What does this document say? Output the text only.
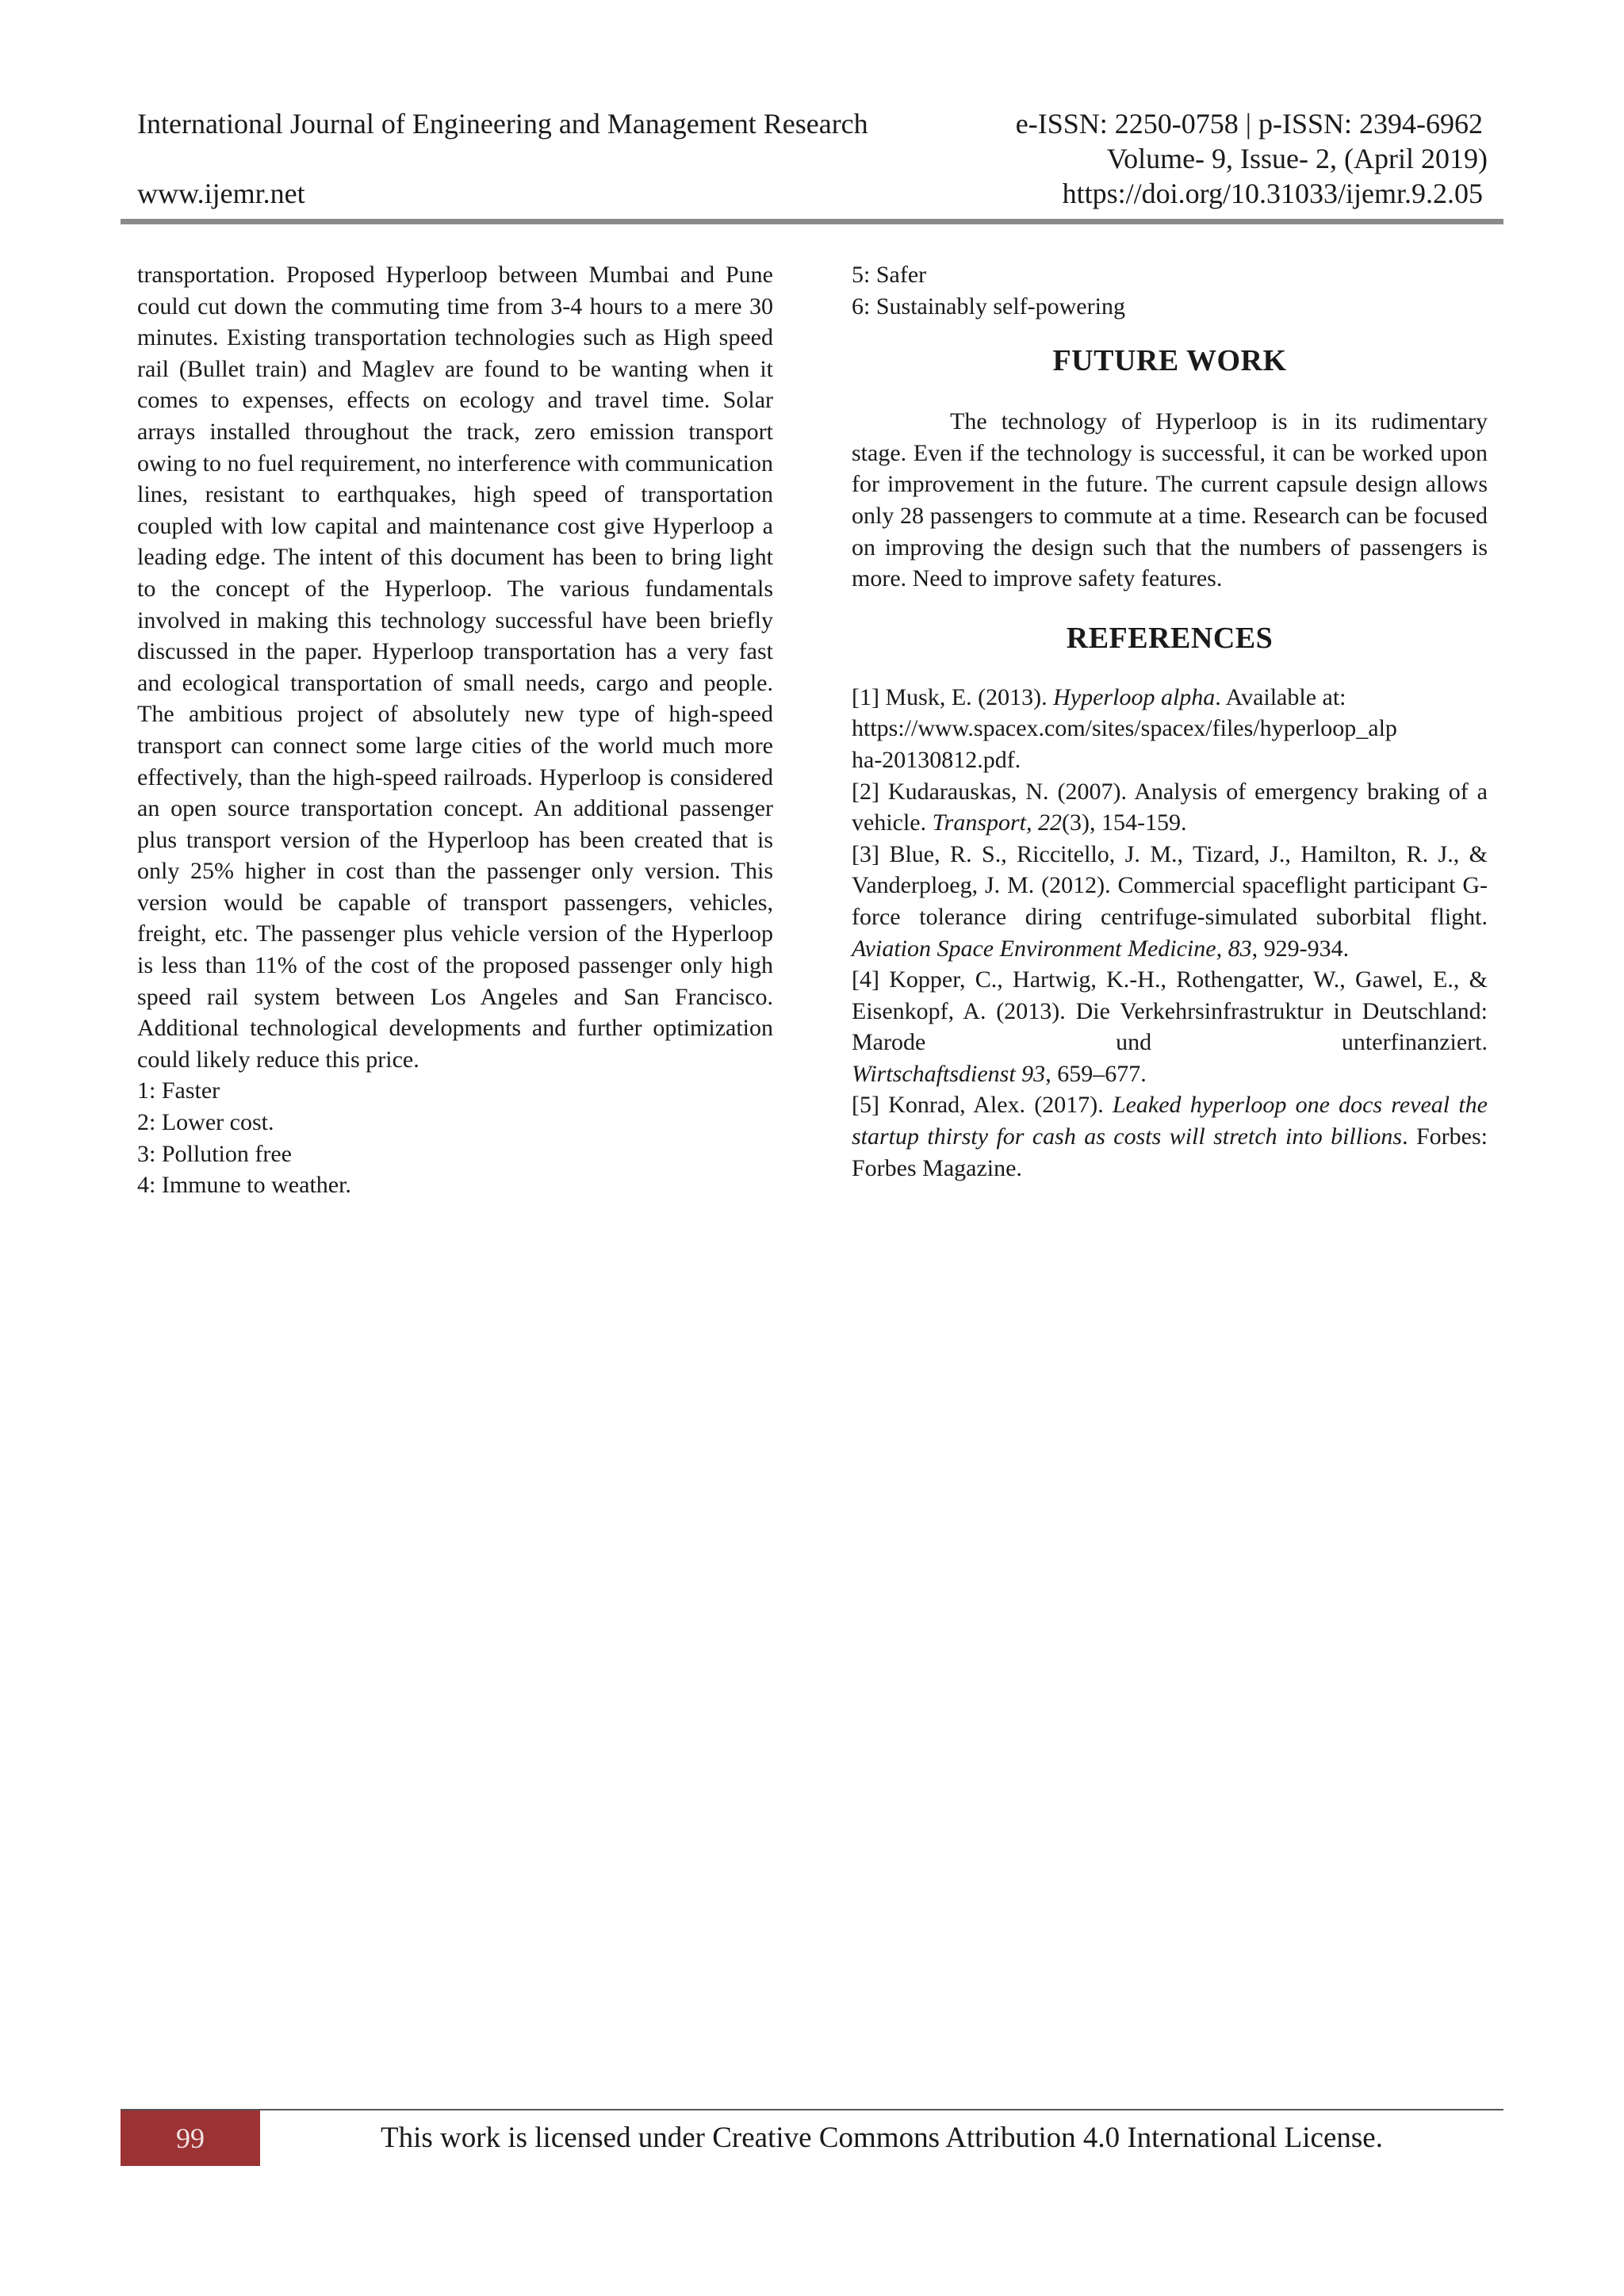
International Journal of Engineering and Management Research	e-ISSN: 2250-0758 | p-ISSN: 2394-6962
Volume- 9, Issue- 2, (April 2019)
www.ijemr.net	https://doi.org/10.31033/ijemr.9.2.05

transportation. Proposed Hyperloop between Mumbai and Pune could cut down the commuting time from 3-4 hours to a mere 30 minutes. Existing transportation technologies such as High speed rail (Bullet train) and Maglev are found to be wanting when it comes to expenses, effects on ecology and travel time. Solar arrays installed throughout the track, zero emission transport owing to no fuel requirement, no interference with communication lines, resistant to earthquakes, high speed of transportation coupled with low capital and maintenance cost give Hyperloop a leading edge. The intent of this document has been to bring light to the concept of the Hyperloop. The various fundamentals involved in making this technology successful have been briefly discussed in the paper. Hyperloop transportation has a very fast and ecological transportation of small needs, cargo and people. The ambitious project of absolutely new type of high-speed transport can connect some large cities of the world much more effectively, than the high-speed railroads. Hyperloop is considered an open source transportation concept. An additional passenger plus transport version of the Hyperloop has been created that is only 25% higher in cost than the passenger only version. This version would be capable of transport passengers, vehicles, freight, etc. The passenger plus vehicle version of the Hyperloop is less than 11% of the cost of the proposed passenger only high speed rail system between Los Angeles and San Francisco. Additional technological developments and further optimization could likely reduce this price.

1: Faster
2: Lower cost.
3: Pollution free
4: Immune to weather.
5: Safer
6: Sustainably self-powering
FUTURE WORK

The technology of Hyperloop is in its rudimentary stage. Even if the technology is successful, it can be worked upon for improvement in the future. The current capsule design allows only 28 passengers to commute at a time. Research can be focused on improving the design such that the numbers of passengers is more. Need to improve safety features.

REFERENCES

[1] Musk, E. (2013). Hyperloop alpha. Available at:
https://www.spacex.com/sites/spacex/files/hyperloop_alp
ha-20130812.pdf.

[2] Kudarauskas, N. (2007). Analysis of emergency braking of a vehicle. Transport, 22(3), 154-159.

[3] Blue, R. S., Riccitello, J. M., Tizard, J., Hamilton, R. J., & Vanderploeg, J. M. (2012). Commercial spaceflight participant G-force tolerance diring centrifuge-simulated suborbital flight. Aviation Space Environment Medicine, 83, 929-934.

[4] Kopper, C., Hartwig, K.-H., Rothengatter, W., Gawel, E., & Eisenkopf, A. (2013). Die Verkehrsinfrastruktur in Deutschland: Marode und unterfinanziert.
Wirtschaftsdienst 93, 659–677.

[5] Konrad, Alex. (2017). Leaked hyperloop one docs reveal the startup thirsty for cash as costs will stretch into billions. Forbes: Forbes Magazine.

99	This work is licensed under Creative Commons Attribution 4.0 International License.
